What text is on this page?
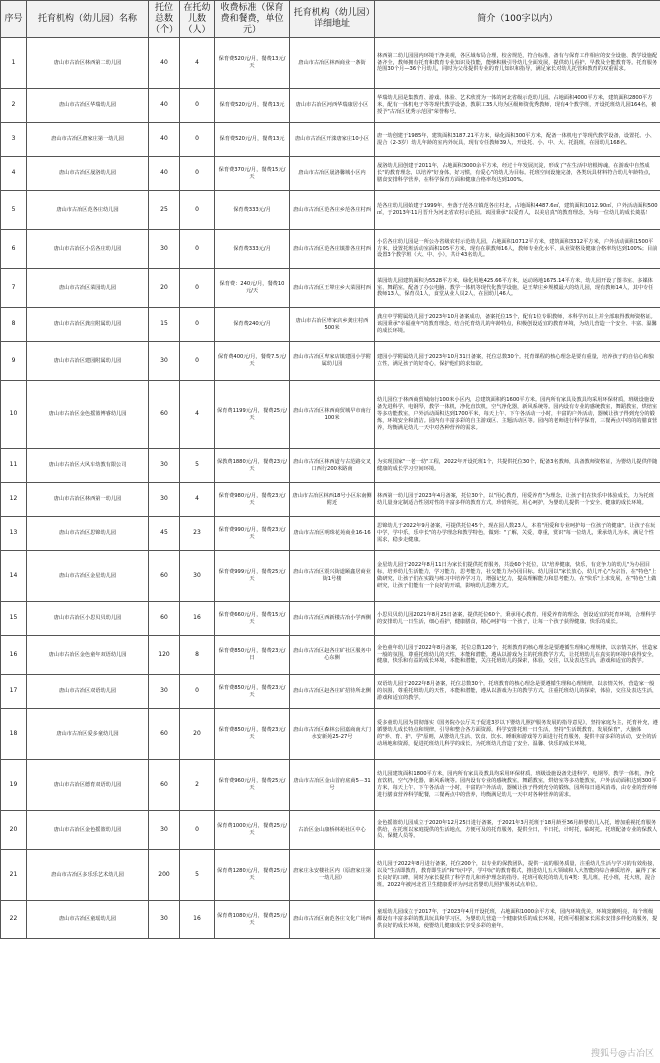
序号	托育机构（幼儿园）名称	托位总数（个）	在托幼儿数（人）	收费标准（保育费和餐费，单位元）	托育机构（幼儿园）详细地址	简介（100字以内）
1	唐山市古冶区林西第二幼儿园	40	4	保育费520元/月，餐费13元/天	唐山市古冶区林西商业一条街	林西第二幼儿园园内环境干净美观，各区域布局合理，校舍规范，符合标准，备有与保育工作相应的安全设施、教学设施配备齐全，教师拥有托育和教育专业知识及技能，能够积极引导幼儿全面发展，提供幼儿看护、早教及全能教育等。托育服务范围30个月—36个月幼儿，同时为父母提供专业的育儿知识和指导，满足家长对幼儿托管和教育的双重需求。
2	唐山市古冶区华瑞幼儿园	40	0	保育费520元/月，餐费13元	唐山市古冶区河西华瑞康居小区	华瑞幼儿园是集教育、游戏、体验、艺术欣赏为一体的河北省级示范幼儿园。占地面积4000平方米，建筑面积2800平方米，配有一体机电子等等现代教学设备，教职工35人均为区级师资优秀教师，现有4个教学班，开设托班幼儿园164名，被授予"古冶区优秀示范园"荣誉称号。
3	唐山市古冶区唐家庄第一幼儿园	40	0	保育费520元/月，餐费13元	唐山市古冶区开滦唐家庄10小区	唐一幼创建于1985年，建筑面积3187.21平方米，绿化面积300平方米，配备一体机电子等现代教学设备，设置托、小、混合（2-3岁）幼儿年龄的室内外玩具，现有专任教师39人，开设托、小、中、大、托混班，在园幼儿168名。
4	唐山市古冶区晟洛幼儿园	40	0	保育费370元/月，餐费15元/天	唐山市古冶区晟洛馨城小区内	晟洛幼儿园创建于2011年，占地面积3000余平方米，经过十年发展沉淀，形成了"在生活中培根铸魂，在游戏中自然成长"的教育理念，以培养"好身体，好习惯，有爱心"的幼儿为目标。托班空间设施完备，各类玩具材料符合幼儿年龄特点，膳食安排科学营养，在科学保育方面和健康合格率均达到100%。
5	唐山市古冶区范各庄幼儿园	25	0	保育费333元/月	唐山市古冶区范各庄乡范各庄村西	范各庄幼儿园始建于1999年，坐落于范各庄镇范各庄村北，占地面积4487.6㎡，建筑面积1012.90㎡，户外活动面积500㎡，于2013年11月晋升为河北省农村示范园。该园秉承"以爱育人，以美启真"的教育理念，为每一位幼儿的成长奠基！
6	唐山市古冶区小岳各庄幼儿园	30	0	保育费333元/月	唐山市古冶区范各庄镇排各庄村西	小岳各庄幼儿园是一所公办省级农村示范幼儿园，占地面积10712平方米，建筑面积3312平方米，户外活动面积1500平方米，设置托班活动室面积105平方米，现有在职教师16人，教师专业化水平、从业资格及健康合格率均达到100%；目前设置3个教学班（大、中、小），共计43名幼儿。
7	唐山市古冶区菜园幼儿园	20	0	保育费：240元/月，餐费10元/天	唐山市古冶区王辇庄乡大菜园村西	菜园幼儿园建筑面积为5528平方米，绿化用地425.66平方米，运动场地1675.14平方米，幼儿园开设了图书室、多媒体室、舞蹈室，配备了办公电脑、教学一体机等现代化教学设施，是王辇庄乡规模最大的幼儿园，现有教师14人，其中专任教师13人，保育员1人，食堂从业人员2人，在园幼儿46人。
8	唐山市古冶区龚庄附属幼儿园	15	0	保育费240元/月	唐山市古冶区卑家店乡龚庄村西500米	龚庄中学附属幼儿园于2023年10月备案成功，备案托位15个，配有1位专职教师，本科学历以上并全部取得教师资格证。该园秉承"幸福童年"的教育理念，结合托育幼儿的年龄特点，积极创设适宜的教育环境，为幼儿营造一个安全、丰富、温馨的成长环境。
9	唐山市古冶区建园附属幼儿园	30	0	保育费400元/月，餐费7.5元/天	唐山市古冶区卑家店镇建园小学附属幼儿园	建园小学附属幼儿园于2023年10月31日备案，托位总数30个。托育课程的核心理念是要有重量，培养孩子的自信心和独立性，满足孩子的好奇心，保护他们的求知欲。
10	唐山市古冶区金色摇篮博睿幼儿园	60	4	保育费1199元/月，餐费25元/天	唐山市古冶区林西商贸城早市南行100米	幼儿园位于林西商贸城南行100米小区内，总建筑面积约1600平方米。园内所有家具及教具均采用环保材质，班级设施设备先进科学，电钢琴，教学一体机，净化直饮机，空气净化器，新风系统等。园内设有专业的感统教室，舞蹈教室，烘焙室等多功能教室，户外活动面积达到1700平米，每天上午、下午各活动一小时，丰富的户外活动，器械让孩子得到充分的锻炼，环境安全和清洁。园内有丰富多彩的自主游戏区、主题活动区等。园内的老师进行科学保育，三餐两点中的的的膳食营养，均衡满足幼儿一天中对各种营养的需求。
11	唐山市古冶区大风车幼教有限公司	30	5	保教费1880元/月，餐费23元/天	唐山市古冶区林西道与古范路交叉口西行200米路南	为实现国家"一老一幼"工程，2022年开设托班1个，共提供托位30个，配备3名教师，具备教师资格证，为婴幼儿提供伴随健康的成长学习空间环境。
12	唐山市古冶区林西第一幼儿园	30	4	保育费980元/月，餐费23元/天	唐山市古冶区林西18号小区东南侧附近	林西第一幼儿园于2023年4月备案，托位30个，以"用心教育，用爱养育"为理念，让孩子们在快乐中体验成长，力为托班幼儿量身定制适合性别对性的丰富多样的教育方式，珍惜所托，用心呵护，为婴幼儿提供一个安全、健康的成长环境。
13	唐山市古冶区思锦幼儿园	45	23	保育费990元/月，餐费23元/天	唐山市古冶区明珠花苑商业16-16	思锦幼儿于2022年9月备案，可提供托位45个，现在园人数23人，本着"用爱和专业呵护每一位孩子的健康"，让孩子在玩中学，学中乐，乐中长"的办学理念和教学特色，做到："了解，关爱，尊重，赏识"每一位幼儿，秉承幼儿为本，满足个性需求，稳步走健康。
14	唐山市古冶区金星幼儿园	60	30	保育费999元/月，餐费25元/天	唐山市古冶区震兴街道颐鑫居商业街1号楼	金星幼儿园于2022年8月11日为家长们提供托育服务，共设60个托位，以"培养健康，快乐，有竞争力的幼儿"为办园目标，培养幼儿生活能力，学习能力，思考能力，社交能力为办园目标。幼儿园以"家长放心，幼儿开心"为宗旨，在"特色"上做研究，让孩子们在实践与练习中培养学习力，增强记忆力，提高理解能力和思考能力，在"快乐"上求发展，在"特色"上做研究，让孩子们能有一个良好的开端，影响幼儿思维方式。
15	唐山市古冶区小思贝贝幼儿园	60	16	保育费660元/月，餐费15元/天	唐山市古冶区西新楼古冶小学西侧	小思贝贝幼儿园2021年8月25日备案，提供托位60个，秉承用心教育，用爱养育的理念，创设适宜的托育环境，合理科学的安排幼儿一日生活，细心看护，健康膳食，精心呵护每一个孩子，让每一个孩子获得健康、快乐的成长。
16	唐山市古冶区金色童年双语幼儿园	120	8	保育费850元/月，餐费23元/日	唐山市古冶区赵各庄矿社区服务中心东侧	金色童年幼儿园于2022年8月备案，托位总数120个，托班教育的核心理念是要遵循生理和心理规律，以亲情关怀，营造家一般的氛围，尊重托班幼儿的天性，本能和潜能，遵从以游戏为主的托班教学方式，让托班幼儿在真实的环境中获得安全，健康，快乐和有益的成长环境，本能和潜能，关注托班幼儿的探索，体验，交往，以及表达生活，游戏和适宜的教学。
17	唐山市古冶区双语幼儿园	30	0	保育费850元/月，餐费23元/天	唐山市古冶区赵各庄矿招待所北侧	双语幼儿园于2022年8月备案，托位总数30个，托班教育的核心理念是要遵循生理和心理规律，以亲情关怀，营造家一般的氛围，尊重托班幼儿的天性，本能和潜能，遵从以游戏为主的教学方式，注重托班幼儿的探索，体验，交往及表达生活，游戏和适宜的教学。
18	唐山市古冶区爱多童幼儿园	60	20	保育费850元/月，餐费23元/天	唐山市古冶区森林公园嘉商南大门水安新苑25-27号	爱多童幼儿园为贯彻落实《国务院办公厅关于促进3岁以下婴幼儿照护服务发展的指导意见》，坚持家庭为主，托育补充，遵循婴幼儿成长特点和规律，引导和整合各方面资源，科学安排托班一日生活，坚持"生活既教育，发展保育"，大脑体的"养、育、护、学"原则，从婴幼儿生活、饮食、饮水、睡眠和游戏等方面进行托育服务，提供丰富多彩的活动，安全的活动场地和资源，促进托班幼儿科学的成长，为托班幼儿营造了安全、温馨、快乐的成长环境。
19	唐山市古冶区德育双语幼儿园	60	2	保育费960元/月，餐费25元/天	唐山市古冶区金山首府底商5－31号	幼儿园建筑面积1800平方米，园内所有家具及教具均采用环保材质，班级设施设备先进科学，电钢琴，教学一体机，净化直饮机，空气净化器，新风系统等。园内设有专业的感统教室，舞蹈教室，烘焙室等多功能教室，户外活动面积达到300平方米，每天上午、下午各活动一小时，丰富的户外活动，器械让孩子得到充分的锻炼，园所每日通风消毒，由专业的营养师进行膳食营养科学配餐，三餐两点中的营养，均衡满足幼儿一天中对各种营养的需求。
20	唐山市古冶区金色摇篮幼儿园	30	0	保育费1000元/月，餐费25元/天	古冶区金山康桥林苑社区中心	金色摇篮幼儿园成立于2020年12月25日进行备案，于2021年3月托班于18月龄至36月龄婴幼儿入托，增加重视托育服务供给，在托班以家庭提供的生活地点，方便可及的托育服务，提供全日，半日托，计时托，临时托。托班配备专业的保教人员、保健人员等。
21	唐山市古冶区多乐乐艺术幼儿园	200	5	保育费1280元/月，餐费25元/天	唐家庄永安楼社区内（原唐家庄第一幼儿园）	幼儿园于2022年8月进行备案，托位200个，以专业的保教团队，提供一流的服务质量，注重幼儿生活与学习的有效衔接，以及"生活即教育，教育即生活"和"玩中学，学中玩"的教育模式，推进幼儿五大领域和人大智能的综合素质培养，赢得了家长良好的口碑，同时为家长提供了科学育儿和养护理念的指导。托班可收托的幼儿有4类：乳儿班，托小班，托大班，混合班。2022年被河北省卫生健康委评为河北省婴幼儿照护服务试点单位。
22	唐山市古冶区童瑶幼儿园	30	16	保育费1080元/月，餐费25元/天	唐山市古冶区南范各庄文化广场西	童瑶幼儿园成立于2017年，于2023年4月开设托班，占地面积1000余平方米，园内环境优美，环境宽敞明亮，每个班级都设有丰富多彩的教具玩具和学习区，为婴幼儿营造一个健康快乐的成长环境，托班可根据家长需求安排多样化的服务，提供良好的成长环境，使婴幼儿健康成长享受多彩的童年。
搜狐号@古冶区
